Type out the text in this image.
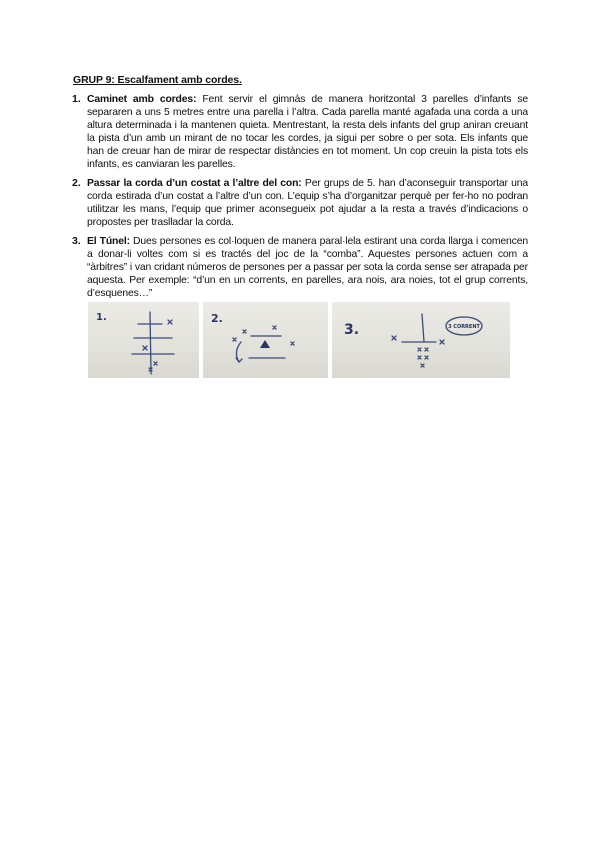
GRUP 9: Escalfament amb cordes.
1. Caminet amb cordes: Fent servir el gimnàs de manera horitzontal 3 parelles d’infants se separaren a uns 5 metres entre una parella i l’altra. Cada parella manté agafada una corda a una altura determinada i la mantenen quieta. Mentrestant, la resta dels infants del grup aniran creuant la pista d’un amb un mirant de no tocar les cordes, ja sigui per sobre o per sota. Els infants que han de creuar han de mirar de respectar distàncies en tot moment. Un cop creuin la pista tots els infants, es canviaran les parelles.
2. Passar la corda d’un costat a l’altre del con: Per grups de 5. han d’aconseguir transportar una corda estirada d’un costat a l’altre d’un con. L’equip s’ha d’organitzar perquè per fer-ho no podran utilitzar les mans, l’equip que primer aconsegueix pot ajudar a la resta a través d’indicacions o propostes per traslladar la corda.
3. El Túnel: Dues persones es col·loquen de manera paral·lela estirant una corda llarga i comencen a donar-li voltes com si es tractés del joc de la “comba”. Aquestes persones actuen com a “àrbitres” i van cridant números de persones per a passar per sota la corda sense ser atrapada per aquesta. Per exemple: “d’un en un corrents, en parelles, ara nois, ara noies, tot el grup corrents, d’esquenes…”
1.	2.
3.	3 CORRENT
